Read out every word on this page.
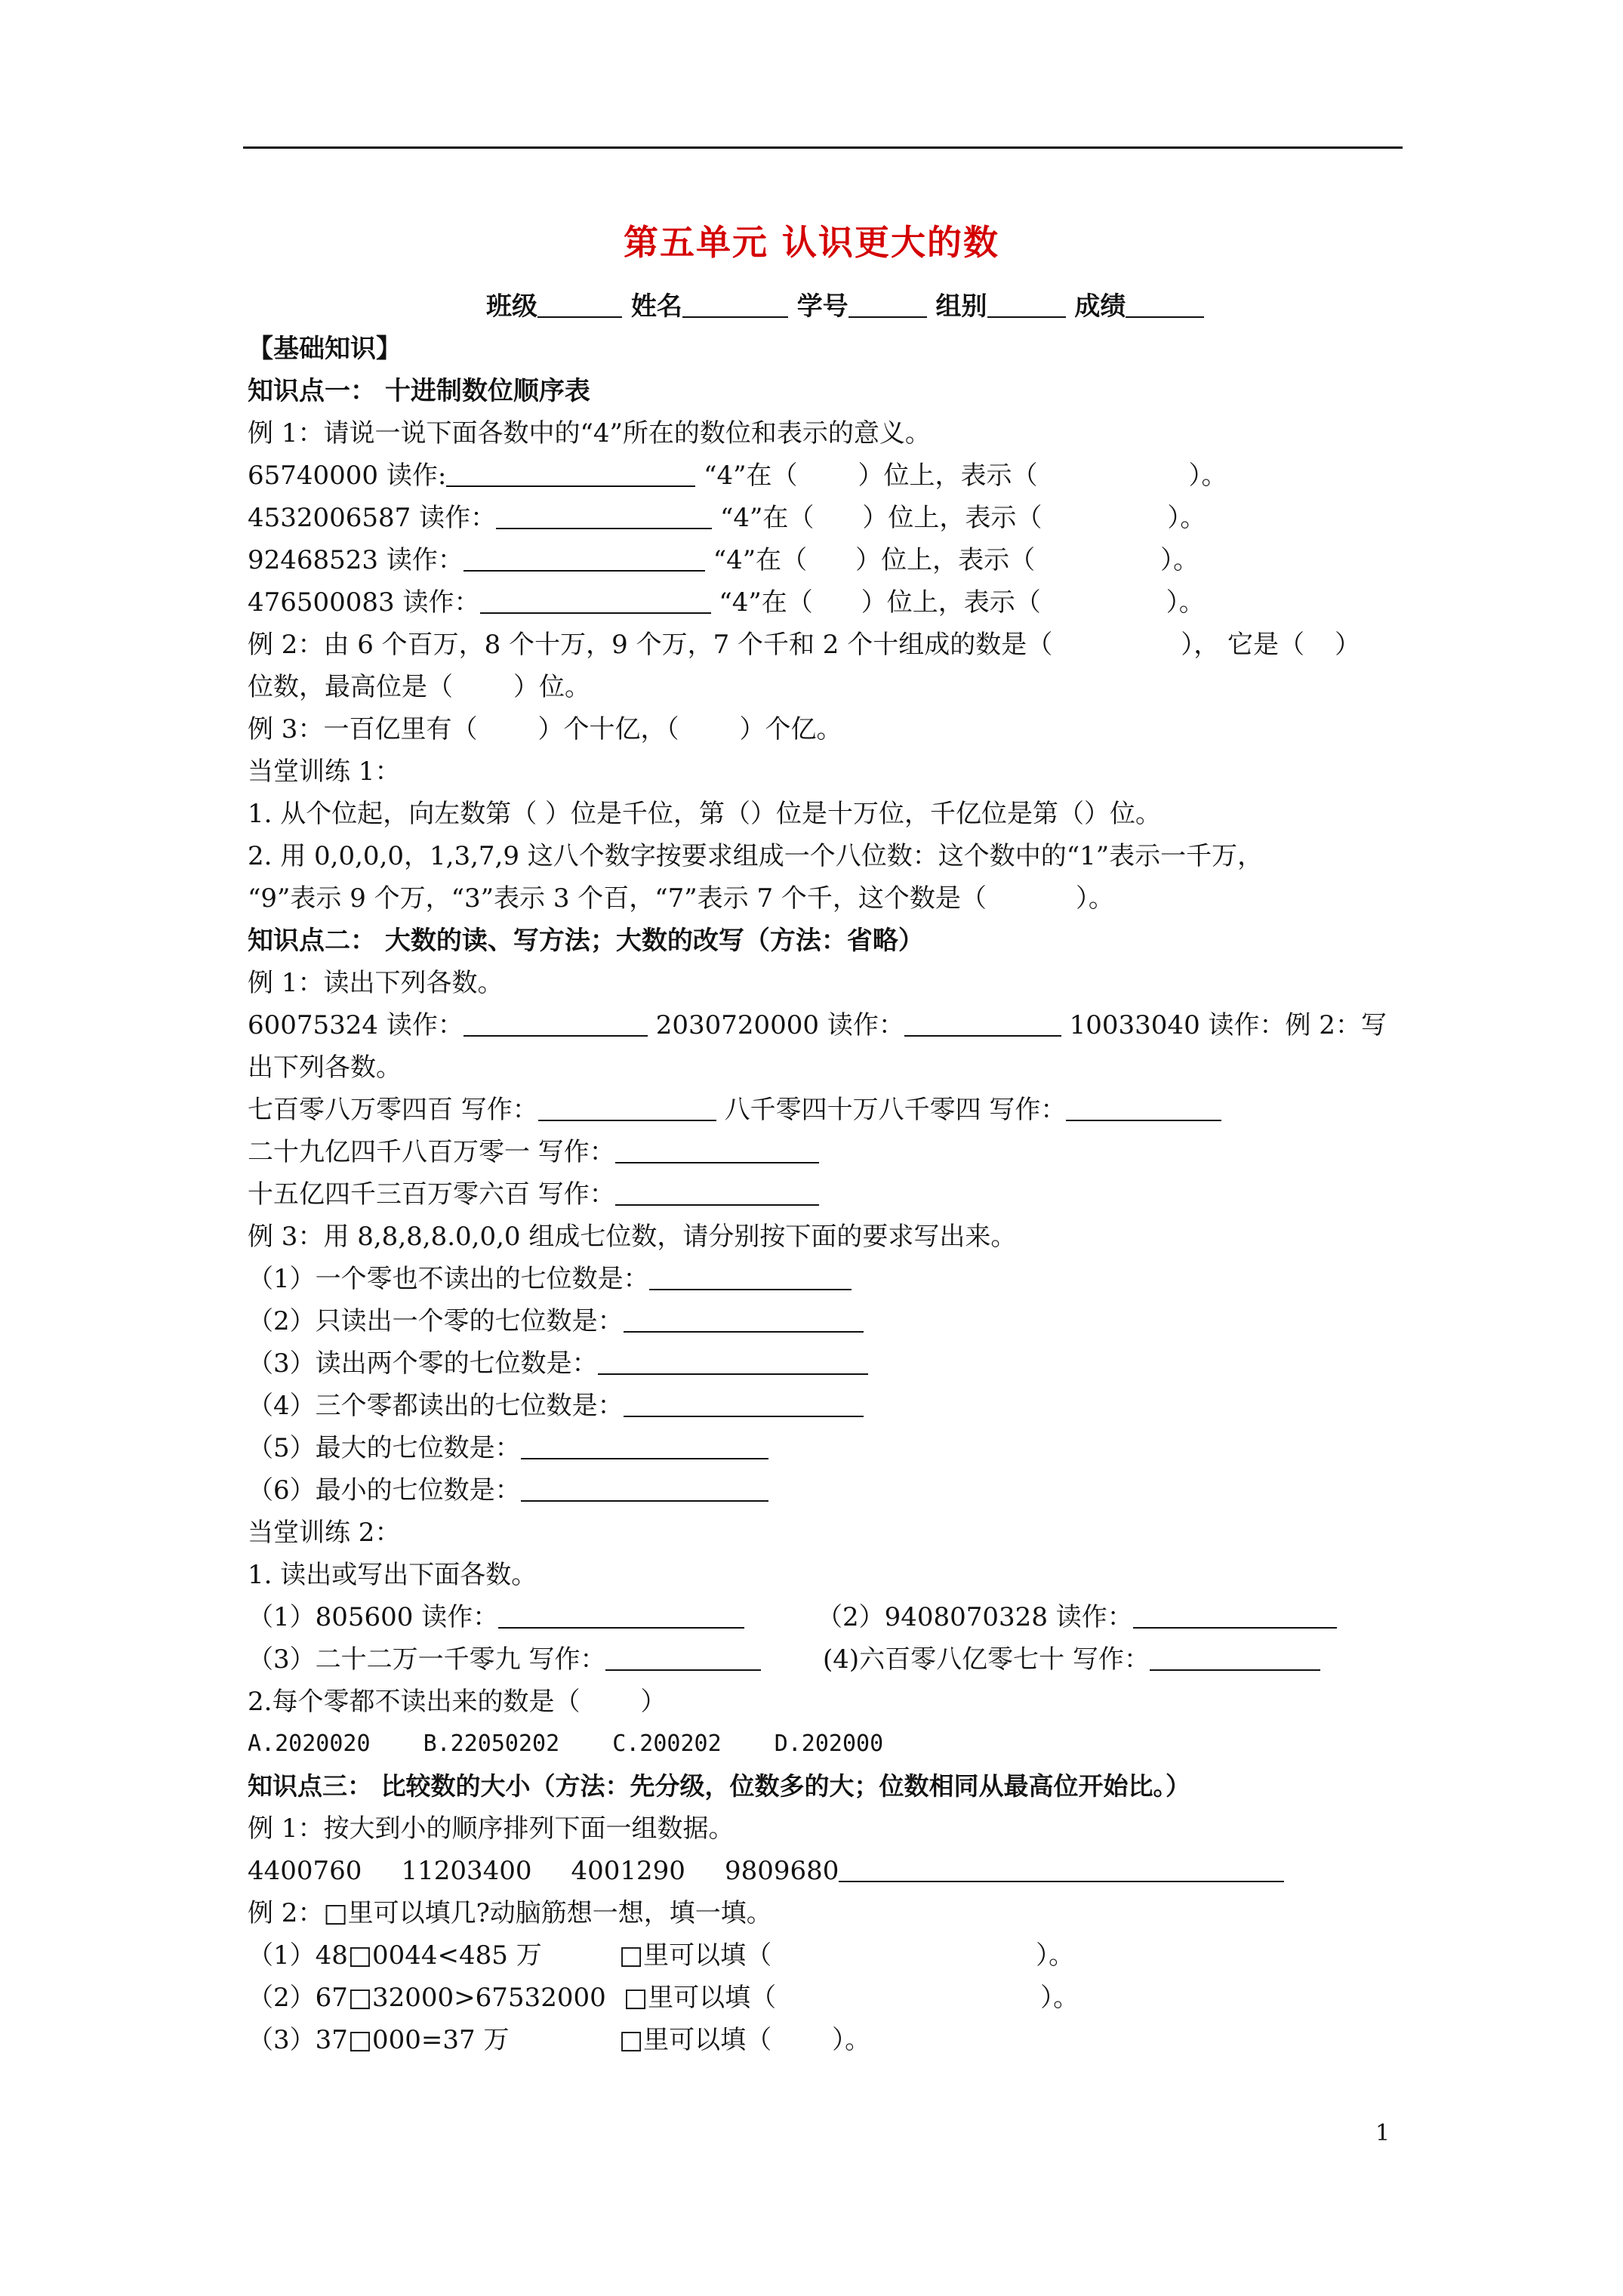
第五单元 认识更大的数
班级	姓名	学号	组别	成绩
【基础知识】
知识点一： 十进制数位顺序表
例 1：请说一说下面各数中的“4”所在的数位和表示的意义。
65740000 读作:	“4”在（ ）位上，表示（	）。
4532006587 读作：	“4”在（ ）位上，表示（	）。
92468523 读作：	“4”在（ ）位上，表示（	）。
476500083 读作：	“4”在（ ）位上，表示（	）。
例 2：由 6 个百万，8 个十万，9 个万，7 个千和 2 个十组成的数是（	）， 它是（ ）
位数，最高位是（ ）位。
例 3：一百亿里有（ ）个十亿，（ ）个亿。
当堂训练 1：
1. 从个位起，向左数第（ ）位是千位，第（）位是十万位，千亿位是第（）位。
2. 用 0,0,0,0，1,3,7,9 这八个数字按要求组成一个八位数：这个数中的“1”表示一千万，
“9”表示 9 个万，“3”表示 3 个百，“7”表示 7 个千，这个数是（	）。
知识点二： 大数的读、写方法；大数的改写（方法：省略）
例 1：读出下列各数。
60075324 读作：	2030720000 读作：	10033040 读作：例 2：写
出下列各数。
七百零八万零四百 写作：	八千零四十万八千零四 写作：
二十九亿四千八百万零一 写作：
十五亿四千三百万零六百 写作：
例 3：用 8,8,8,8.0,0,0 组成七位数，请分别按下面的要求写出来。
（1）一个零也不读出的七位数是：
（2）只读出一个零的七位数是：
（3）读出两个零的七位数是：
（4）三个零都读出的七位数是：
（5）最大的七位数是：
（6）最小的七位数是：
当堂训练 2：
1. 读出或写出下面各数。
（1）805600 读作：	（2）9408070328 读作：
（3）二十二万一千零九 写作：	(4)六百零八亿零七十 写作：
2.每个零都不读出来的数是（ ）
A.2020020 B.22050202 C.200202 D.202000
知识点三： 比较数的大小（方法：先分级，位数多的大；位数相同从最高位开始比。）
例 1：按大到小的顺序排列下面一组数据。
4400760 11203400 4001290 9809680
例 2：□里可以填几?动脑筋想一想，填一填。
（1）48□0044<485 万	□里可以填（	）。
（2）67□32000>67532000 □里可以填（	）。
（3）37□000=37 万	□里可以填（ ）。
1
